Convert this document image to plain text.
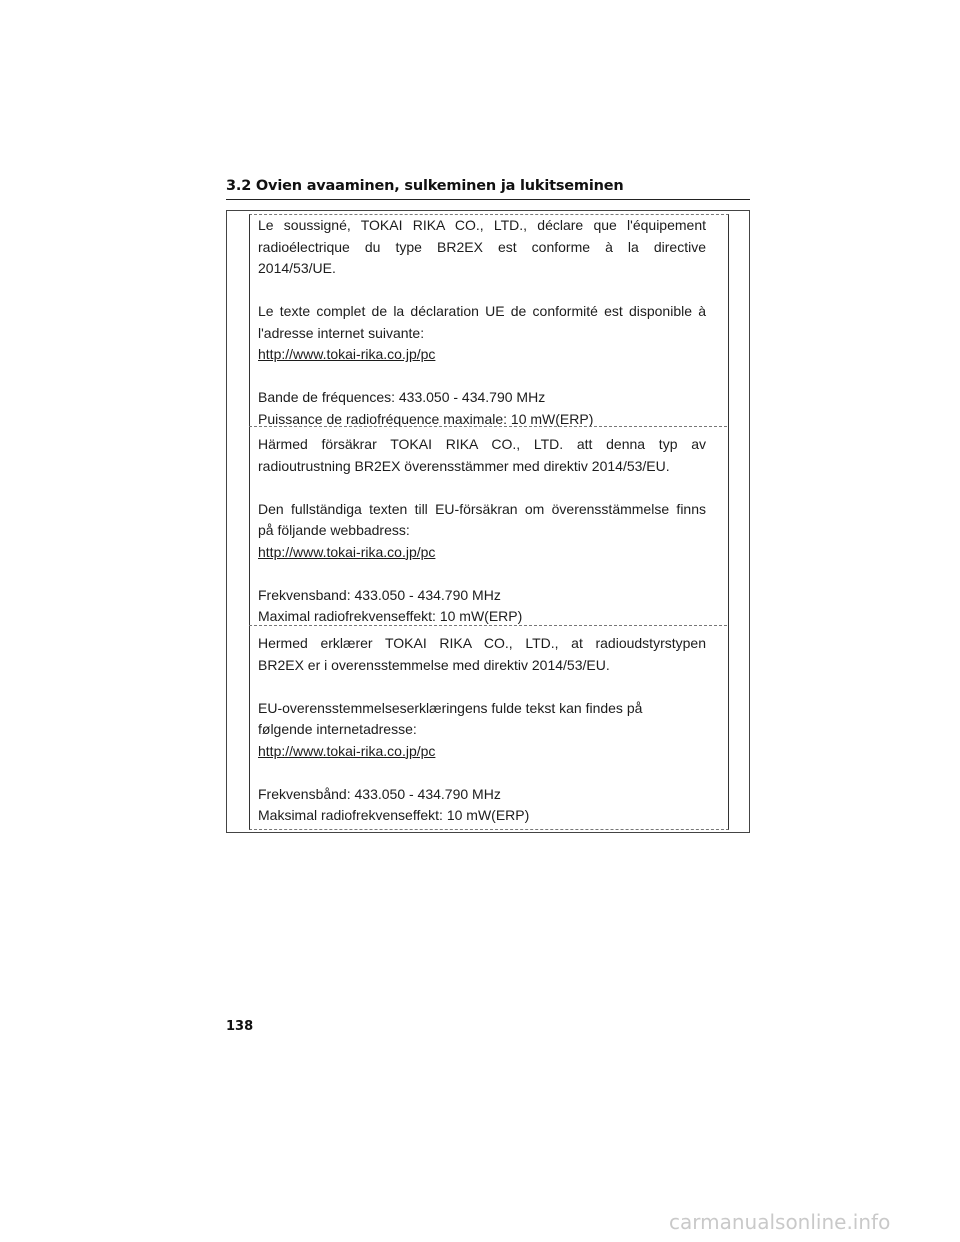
3.2 Ovien avaaminen, sulkeminen ja lukitseminen

Le soussigné, TOKAI RIKA CO., LTD., déclare que l'équipement

radioélectrique du type BR2EX est conforme à la directive

2014/53/UE.

Le texte complet de la déclaration UE de conformité est disponible à

l'adresse internet suivante:

http://www.tokai-rika.co.jp/pc

Bande de fréquences: 433.050 - 434.790 MHz

Puissance de radiofréquence maximale: 10 mW(ERP)

Härmed försäkrar TOKAI RIKA CO., LTD. att denna typ av

radioutrustning BR2EX överensstämmer med direktiv 2014/53/EU.

Den fullständiga texten till EU-försäkran om överensstämmelse finns

på följande webbadress:

http://www.tokai-rika.co.jp/pc

Frekvensband: 433.050 - 434.790 MHz

Maximal radiofrekvenseffekt: 10 mW(ERP)

Hermed erklærer TOKAI RIKA CO., LTD., at radioudstyrstypen

BR2EX er i overensstemmelse med direktiv 2014/53/EU.

EU-overensstemmelseserklæringens fulde tekst kan findes på

følgende internetadresse:

http://www.tokai-rika.co.jp/pc

Frekvensbånd: 433.050 - 434.790 MHz

Maksimal radiofrekvenseffekt: 10 mW(ERP)

138
carmanualsonline.info
